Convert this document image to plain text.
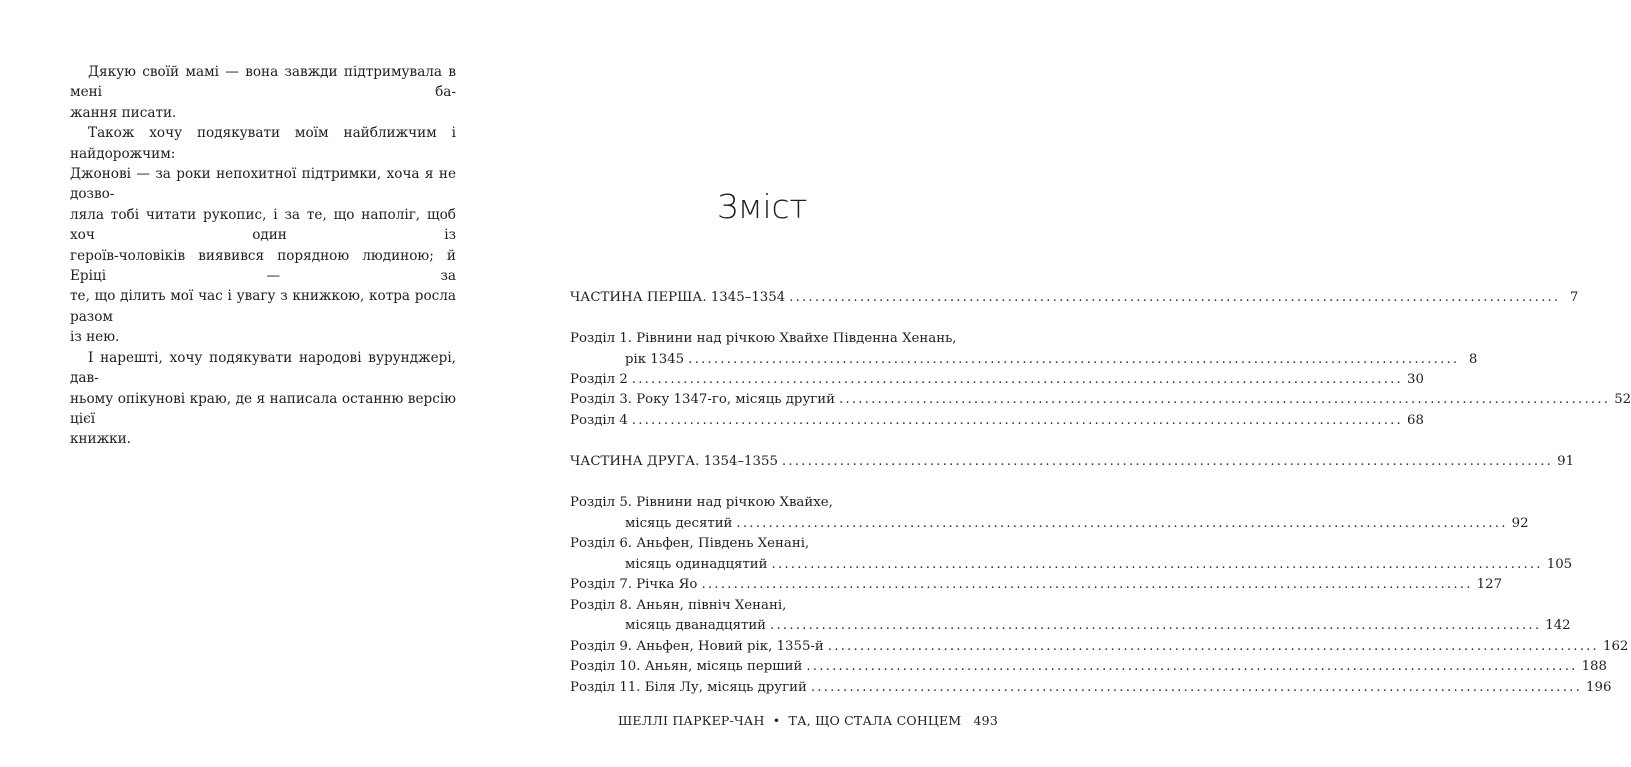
Дякую своїй мамі — вона завжди підтримувала в мені ба-
жання писати.

Також хочу подякувати моїм найближчим і найдорожчим:
Джонові — за роки непохитної підтримки, хоча я не дозво-
ляла тобі читати рукопис, і за те, що наполіг, щоб хоч один із
героїв-чоловіків виявився порядною людиною; й Еріці — за
те, що ділить мої час і увагу з книжкою, котра росла разом
із нею.

І нарешті, хочу подякувати народові вурунджері, дав-
ньому опікунові краю, де я написала останню версію цієї
книжки.

Зміст
ЧАСТИНА ПЕРША. 1345–1354 ........................................................................................................................ 7
Розділ 1. Рівнини над річкою Хвайхе Південна Хенань,
рік 1345 ........................................................................................................................ 8
Розділ 2 ........................................................................................................................ 30
Розділ 3. Року 1347-го, місяць другий ........................................................................................................................ 52
Розділ 4 ........................................................................................................................ 68
ЧАСТИНА ДРУГА. 1354–1355 ........................................................................................................................ 91
Розділ 5. Рівнини над річкою Хвайхе,
місяць десятий ........................................................................................................................ 92
Розділ 6. Аньфен, Південь Хенані,
місяць одинадцятий ........................................................................................................................ 105
Розділ 7. Річка Яо ........................................................................................................................ 127
Розділ 8. Аньян, північ Хенані,
місяць дванадцятий ........................................................................................................................ 142
Розділ 9. Аньфен, Новий рік, 1355-й ........................................................................................................................ 162
Розділ 10. Аньян, місяць перший ........................................................................................................................ 188
Розділ 11. Біля Лу, місяць другий ........................................................................................................................ 196
ШЕЛЛІ ПАРКЕР-ЧАН • ТА, ЩО СТАЛА СОНЦЕМ 493
